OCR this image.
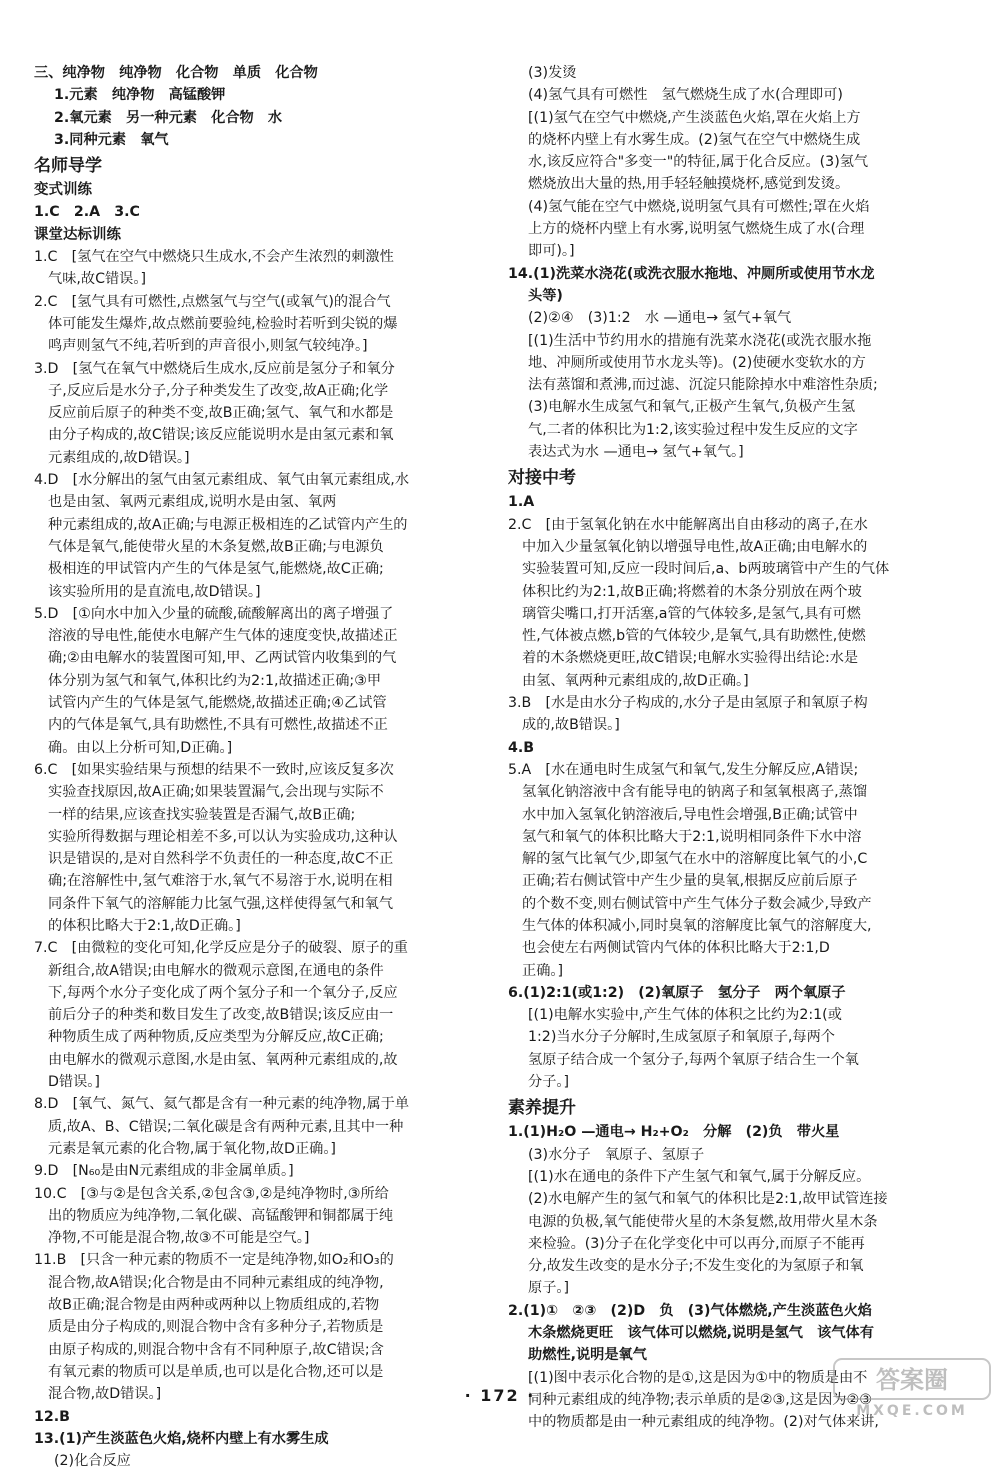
三、纯净物　纯净物　化合物　单质　化合物
1.元素　纯净物　高锰酸钾
2.氧元素　另一种元素　化合物　水
3.同种元素　氧气
名师导学
变式训练
1.C　2.A　3.C
课堂达标训练
1.C　[氢气在空气中燃烧只生成水,不会产生浓烈的刺激性
气味,故C错误。]
2.C　[氢气具有可燃性,点燃氢气与空气(或氧气)的混合气
体可能发生爆炸,故点燃前要验纯,检验时若听到尖锐的爆
鸣声则氢气不纯,若听到的声音很小,则氢气较纯净。]
3.D　[氢气在氧气中燃烧后生成水,反应前是氢分子和氧分
子,反应后是水分子,分子种类发生了改变,故A正确;化学
反应前后原子的种类不变,故B正确;氢气、氧气和水都是
由分子构成的,故C错误;该反应能说明水是由氢元素和氧
元素组成的,故D错误。]
4.D　[水分解出的氢气由氢元素组成、氧气由氧元素组成,水
也是由氢、氧两元素组成,说明水是由氢、氧两
种元素组成的,故A正确;与电源正极相连的乙试管内产生的
气体是氧气,能使带火星的木条复燃,故B正确;与电源负
极相连的甲试管内产生的气体是氢气,能燃烧,故C正确;
该实验所用的是直流电,故D错误。]
5.D　[①向水中加入少量的硫酸,硫酸解离出的离子增强了
溶液的导电性,能使水电解产生气体的速度变快,故描述正
确;②由电解水的装置图可知,甲、乙两试管内收集到的气
体分别为氢气和氧气,体积比约为2:1,故描述正确;③甲
试管内产生的气体是氢气,能燃烧,故描述正确;④乙试管
内的气体是氧气,具有助燃性,不具有可燃性,故描述不正
确。由以上分析可知,D正确。]
6.C　[如果实验结果与预想的结果不一致时,应该反复多次
实验查找原因,故A正确;如果装置漏气,会出现与实际不
一样的结果,应该查找实验装置是否漏气,故B正确;
实验所得数据与理论相差不多,可以认为实验成功,这种认
识是错误的,是对自然科学不负责任的一种态度,故C不正
确;在溶解性中,氢气难溶于水,氧气不易溶于水,说明在相
同条件下氧气的溶解能力比氢气强,这样使得氢气和氧气
的体积比略大于2:1,故D正确。]
7.C　[由微粒的变化可知,化学反应是分子的破裂、原子的重
新组合,故A错误;由电解水的微观示意图,在通电的条件
下,每两个水分子变化成了两个氢分子和一个氧分子,反应
前后分子的种类和数目发生了改变,故B错误;该反应由一
种物质生成了两种物质,反应类型为分解反应,故C正确;
由电解水的微观示意图,水是由氢、氧两种元素组成的,故
D错误。]
8.D　[氧气、氮气、氦气都是含有一种元素的纯净物,属于单
质,故A、B、C错误;二氧化碳是含有两种元素,且其中一种
元素是氧元素的化合物,属于氧化物,故D正确。]
9.D　[N₆₀是由N元素组成的非金属单质。]
10.C　[③与②是包含关系,②包含③,②是纯净物时,③所给
出的物质应为纯净物,二氧化碳、高锰酸钾和铜都属于纯
净物,不可能是混合物,故③不可能是空气。]
11.B　[只含一种元素的物质不一定是纯净物,如O₂和O₃的
混合物,故A错误;化合物是由不同种元素组成的纯净物,
故B正确;混合物是由两种或两种以上物质组成的,若物
质是由分子构成的,则混合物中含有多种分子,若物质是
由原子构成的,则混合物中含有不同种原子,故C错误;含
有氧元素的物质可以是单质,也可以是化合物,还可以是
混合物,故D错误。]
12.B
13.(1)产生淡蓝色火焰,烧杯内壁上有水雾生成
(2)化合反应
(3)发烫
(4)氢气具有可燃性　氢气燃烧生成了水(合理即可)
[(1)氢气在空气中燃烧,产生淡蓝色火焰,罩在火焰上方
的烧杯内壁上有水雾生成。(2)氢气在空气中燃烧生成
水,该反应符合"多变一"的特征,属于化合反应。(3)氢气
燃烧放出大量的热,用手轻轻触摸烧杯,感觉到发烫。
(4)氢气能在空气中燃烧,说明氢气具有可燃性;罩在火焰
上方的烧杯内壁上有水雾,说明氢气燃烧生成了水(合理
即可)。]
14.(1)洗菜水浇花(或洗衣服水拖地、冲厕所或使用节水龙
头等)
(2)②④　(3)1:2　水 —通电→ 氢气+氧气
[(1)生活中节约用水的措施有洗菜水浇花(或洗衣服水拖
地、冲厕所或使用节水龙头等)。(2)使硬水变软水的方
法有蒸馏和煮沸,而过滤、沉淀只能除掉水中难溶性杂质;
(3)电解水生成氢气和氧气,正极产生氧气,负极产生氢
气,二者的体积比为1:2,该实验过程中发生反应的文字
表达式为水 —通电→ 氢气+氧气。]
对接中考
1.A
2.C　[由于氢氧化钠在水中能解离出自由移动的离子,在水
中加入少量氢氧化钠以增强导电性,故A正确;由电解水的
实验装置可知,反应一段时间后,a、b两玻璃管中产生的气体
体积比约为2:1,故B正确;将燃着的木条分别放在两个玻
璃管尖嘴口,打开活塞,a管的气体较多,是氢气,具有可燃
性,气体被点燃,b管的气体较少,是氧气,具有助燃性,使燃
着的木条燃烧更旺,故C错误;电解水实验得出结论:水是
由氢、氧两种元素组成的,故D正确。]
3.B　[水是由水分子构成的,水分子是由氢原子和氧原子构
成的,故B错误。]
4.B
5.A　[水在通电时生成氢气和氧气,发生分解反应,A错误;
氢氧化钠溶液中含有能导电的钠离子和氢氧根离子,蒸馏
水中加入氢氧化钠溶液后,导电性会增强,B正确;试管中
氢气和氧气的体积比略大于2:1,说明相同条件下水中溶
解的氢气比氧气少,即氢气在水中的溶解度比氧气的小,C
正确;若右侧试管中产生少量的臭氧,根据反应前后原子
的个数不变,则右侧试管中产生气体分子数会减少,导致产
生气体的体积减小,同时臭氧的溶解度比氧气的溶解度大,
也会使左右两侧试管内气体的体积比略大于2:1,D
正确。]
6.(1)2:1(或1:2)　(2)氧原子　氢分子　两个氧原子
[(1)电解水实验中,产生气体的体积之比约为2:1(或
1:2)当水分子分解时,生成氢原子和氧原子,每两个
氢原子结合成一个氢分子,每两个氧原子结合生一个氧
分子。]
素养提升
1.(1)H₂O —通电→ H₂+O₂　分解　(2)负　带火星
(3)水分子　氧原子、氢原子
[(1)水在通电的条件下产生氢气和氧气,属于分解反应。
(2)水电解产生的氢气和氧气的体积比是2:1,故甲试管连接
电源的负极,氧气能使带火星的木条复燃,故用带火星木条
来检验。(3)分子在化学变化中可以再分,而原子不能再
分,故发生改变的是水分子;不发生变化的为氢原子和氧
原子。]
2.(1)①　②③　(2)D　负　(3)气体燃烧,产生淡蓝色火焰
木条燃烧更旺　该气体可以燃烧,说明是氢气　该气体有
助燃性,说明是氧气
[(1)图中表示化合物的是①,这是因为①中的物质是由不
同种元素组成的纯净物;表示单质的是②③,这是因为②③
中的物质都是由一种元素组成的纯净物。(2)对气体来讲,
· 172 ·
答案圈
MXQE.COM
